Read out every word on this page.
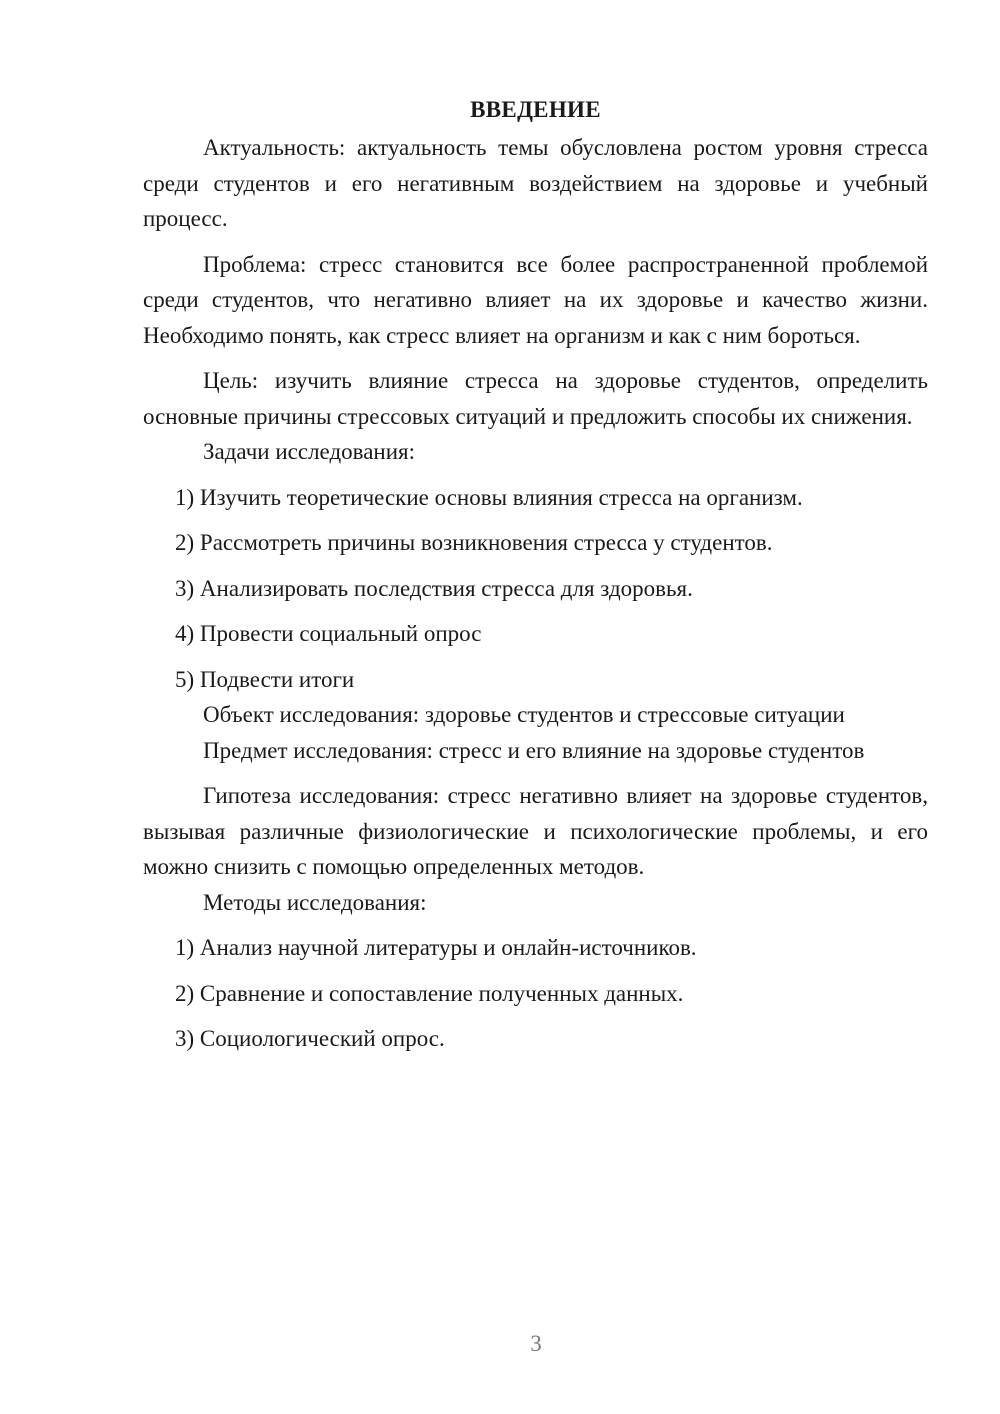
ВВЕДЕНИЕ

Актуальность: актуальность темы обусловлена ростом уровня стресса среди студентов и его негативным воздействием на здоровье и учебный процесс.

Проблема: стресс становится все более распространенной проблемой среди студентов, что негативно влияет на их здоровье и качество жизни. Необходимо понять, как стресс влияет на организм и как с ним бороться.

Цель: изучить влияние стресса на здоровье студентов, определить основные причины стрессовых ситуаций и предложить способы их снижения.

Задачи исследования:

1) Изучить теоретические основы влияния стресса на организм.

2) Рассмотреть причины возникновения стресса у студентов.

3) Анализировать последствия стресса для здоровья.

4) Провести социальный опрос

5) Подвести итоги

Объект исследования: здоровье студентов и стрессовые ситуации

Предмет исследования: стресс и его влияние на здоровье студентов

Гипотеза исследования: стресс негативно влияет на здоровье студентов, вызывая различные физиологические и психологические проблемы, и его можно снизить с помощью определенных методов.

Методы исследования:

1) Анализ научной литературы и онлайн-источников.

2) Сравнение и сопоставление полученных данных.

3) Социологический опрос.

3
